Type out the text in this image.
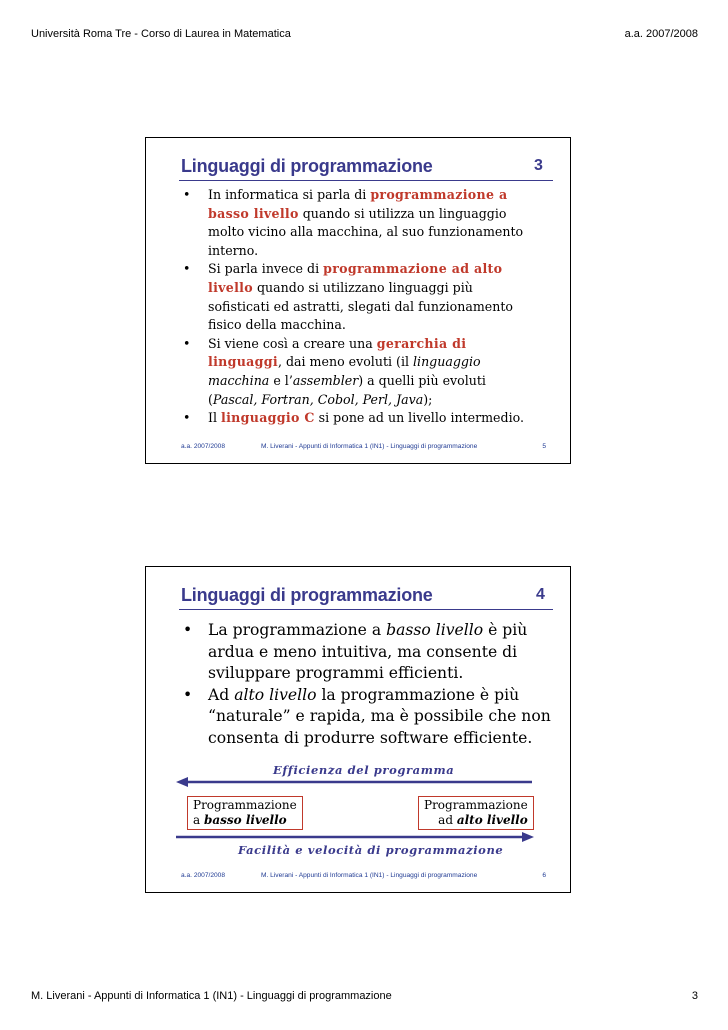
Università Roma Tre - Corso di Laurea in Matematica	a.a. 2007/2008
Linguaggi di programmazione	3
• In informatica si parla di programmazione a
basso livello quando si utilizza un linguaggio
molto vicino alla macchina, al suo funzionamento
interno.
• Si parla invece di programmazione ad alto
livello quando si utilizzano linguaggi più
sofisticati ed astratti, slegati dal funzionamento
fisico della macchina.
• Si viene così a creare una gerarchia di
linguaggi, dai meno evoluti (il linguaggio
macchina e l’assembler) a quelli più evoluti
(Pascal, Fortran, Cobol, Perl, Java);
• Il linguaggio C si pone ad un livello intermedio.
a.a. 2007/2008	M. Liverani - Appunti di Informatica 1 (IN1) - Linguaggi di programmazione	5
Linguaggi di programmazione	4
• La programmazione a basso livello è più
ardua e meno intuitiva, ma consente di
sviluppare programmi efficienti.
• Ad alto livello la programmazione è più
“naturale” e rapida, ma è possibile che non
consenta di produrre software efficiente.
Efficienza del programma
Programmazione
a basso livello
Programmazione
ad alto livello
Facilità e velocità di programmazione
a.a. 2007/2008	M. Liverani - Appunti di Informatica 1 (IN1) - Linguaggi di programmazione	6
M. Liverani - Appunti di Informatica 1 (IN1) - Linguaggi di programmazione	3
